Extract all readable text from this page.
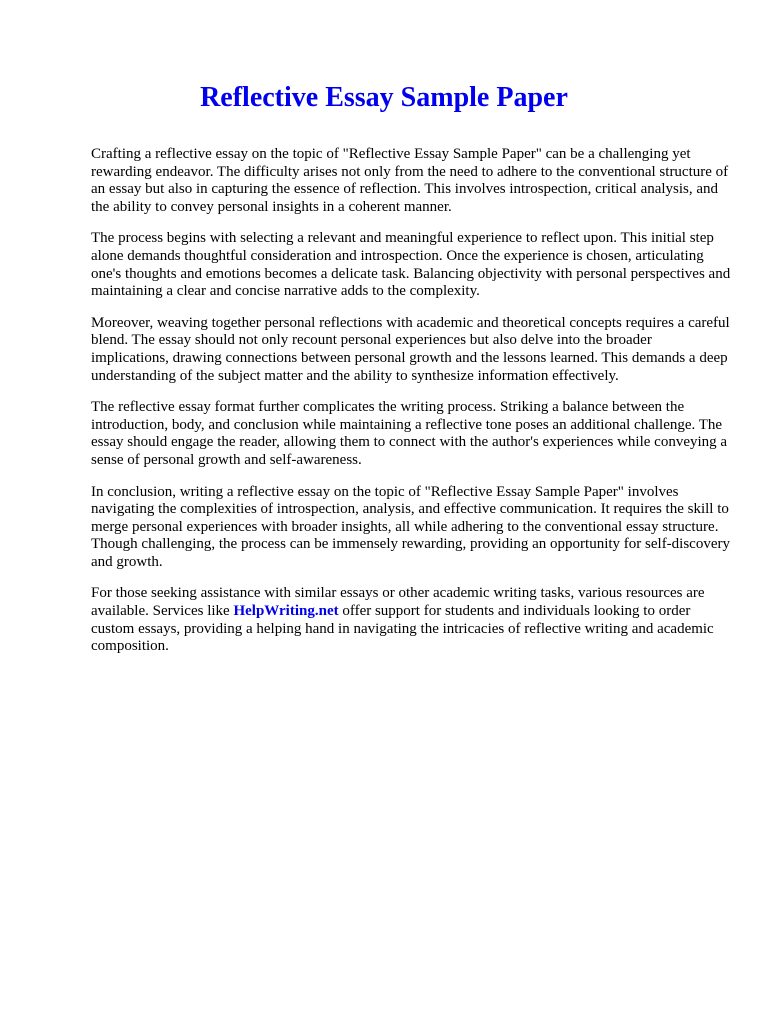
Reflective Essay Sample Paper

Crafting a reflective essay on the topic of "Reflective Essay Sample Paper" can be a challenging yet rewarding endeavor. The difficulty arises not only from the need to adhere to the conventional structure of an essay but also in capturing the essence of reflection. This involves introspection, critical analysis, and the ability to convey personal insights in a coherent manner.

The process begins with selecting a relevant and meaningful experience to reflect upon. This initial step alone demands thoughtful consideration and introspection. Once the experience is chosen, articulating one's thoughts and emotions becomes a delicate task. Balancing objectivity with personal perspectives and maintaining a clear and concise narrative adds to the complexity.

Moreover, weaving together personal reflections with academic and theoretical concepts requires a careful blend. The essay should not only recount personal experiences but also delve into the broader implications, drawing connections between personal growth and the lessons learned. This demands a deep understanding of the subject matter and the ability to synthesize information effectively.

The reflective essay format further complicates the writing process. Striking a balance between the introduction, body, and conclusion while maintaining a reflective tone poses an additional challenge. The essay should engage the reader, allowing them to connect with the author's experiences while conveying a sense of personal growth and self-awareness.

In conclusion, writing a reflective essay on the topic of "Reflective Essay Sample Paper" involves navigating the complexities of introspection, analysis, and effective communication. It requires the skill to merge personal experiences with broader insights, all while adhering to the conventional essay structure. Though challenging, the process can be immensely rewarding, providing an opportunity for self-discovery and growth.

For those seeking assistance with similar essays or other academic writing tasks, various resources are available. Services like HelpWriting.net offer support for students and individuals looking to order custom essays, providing a helping hand in navigating the intricacies of reflective writing and academic composition.
